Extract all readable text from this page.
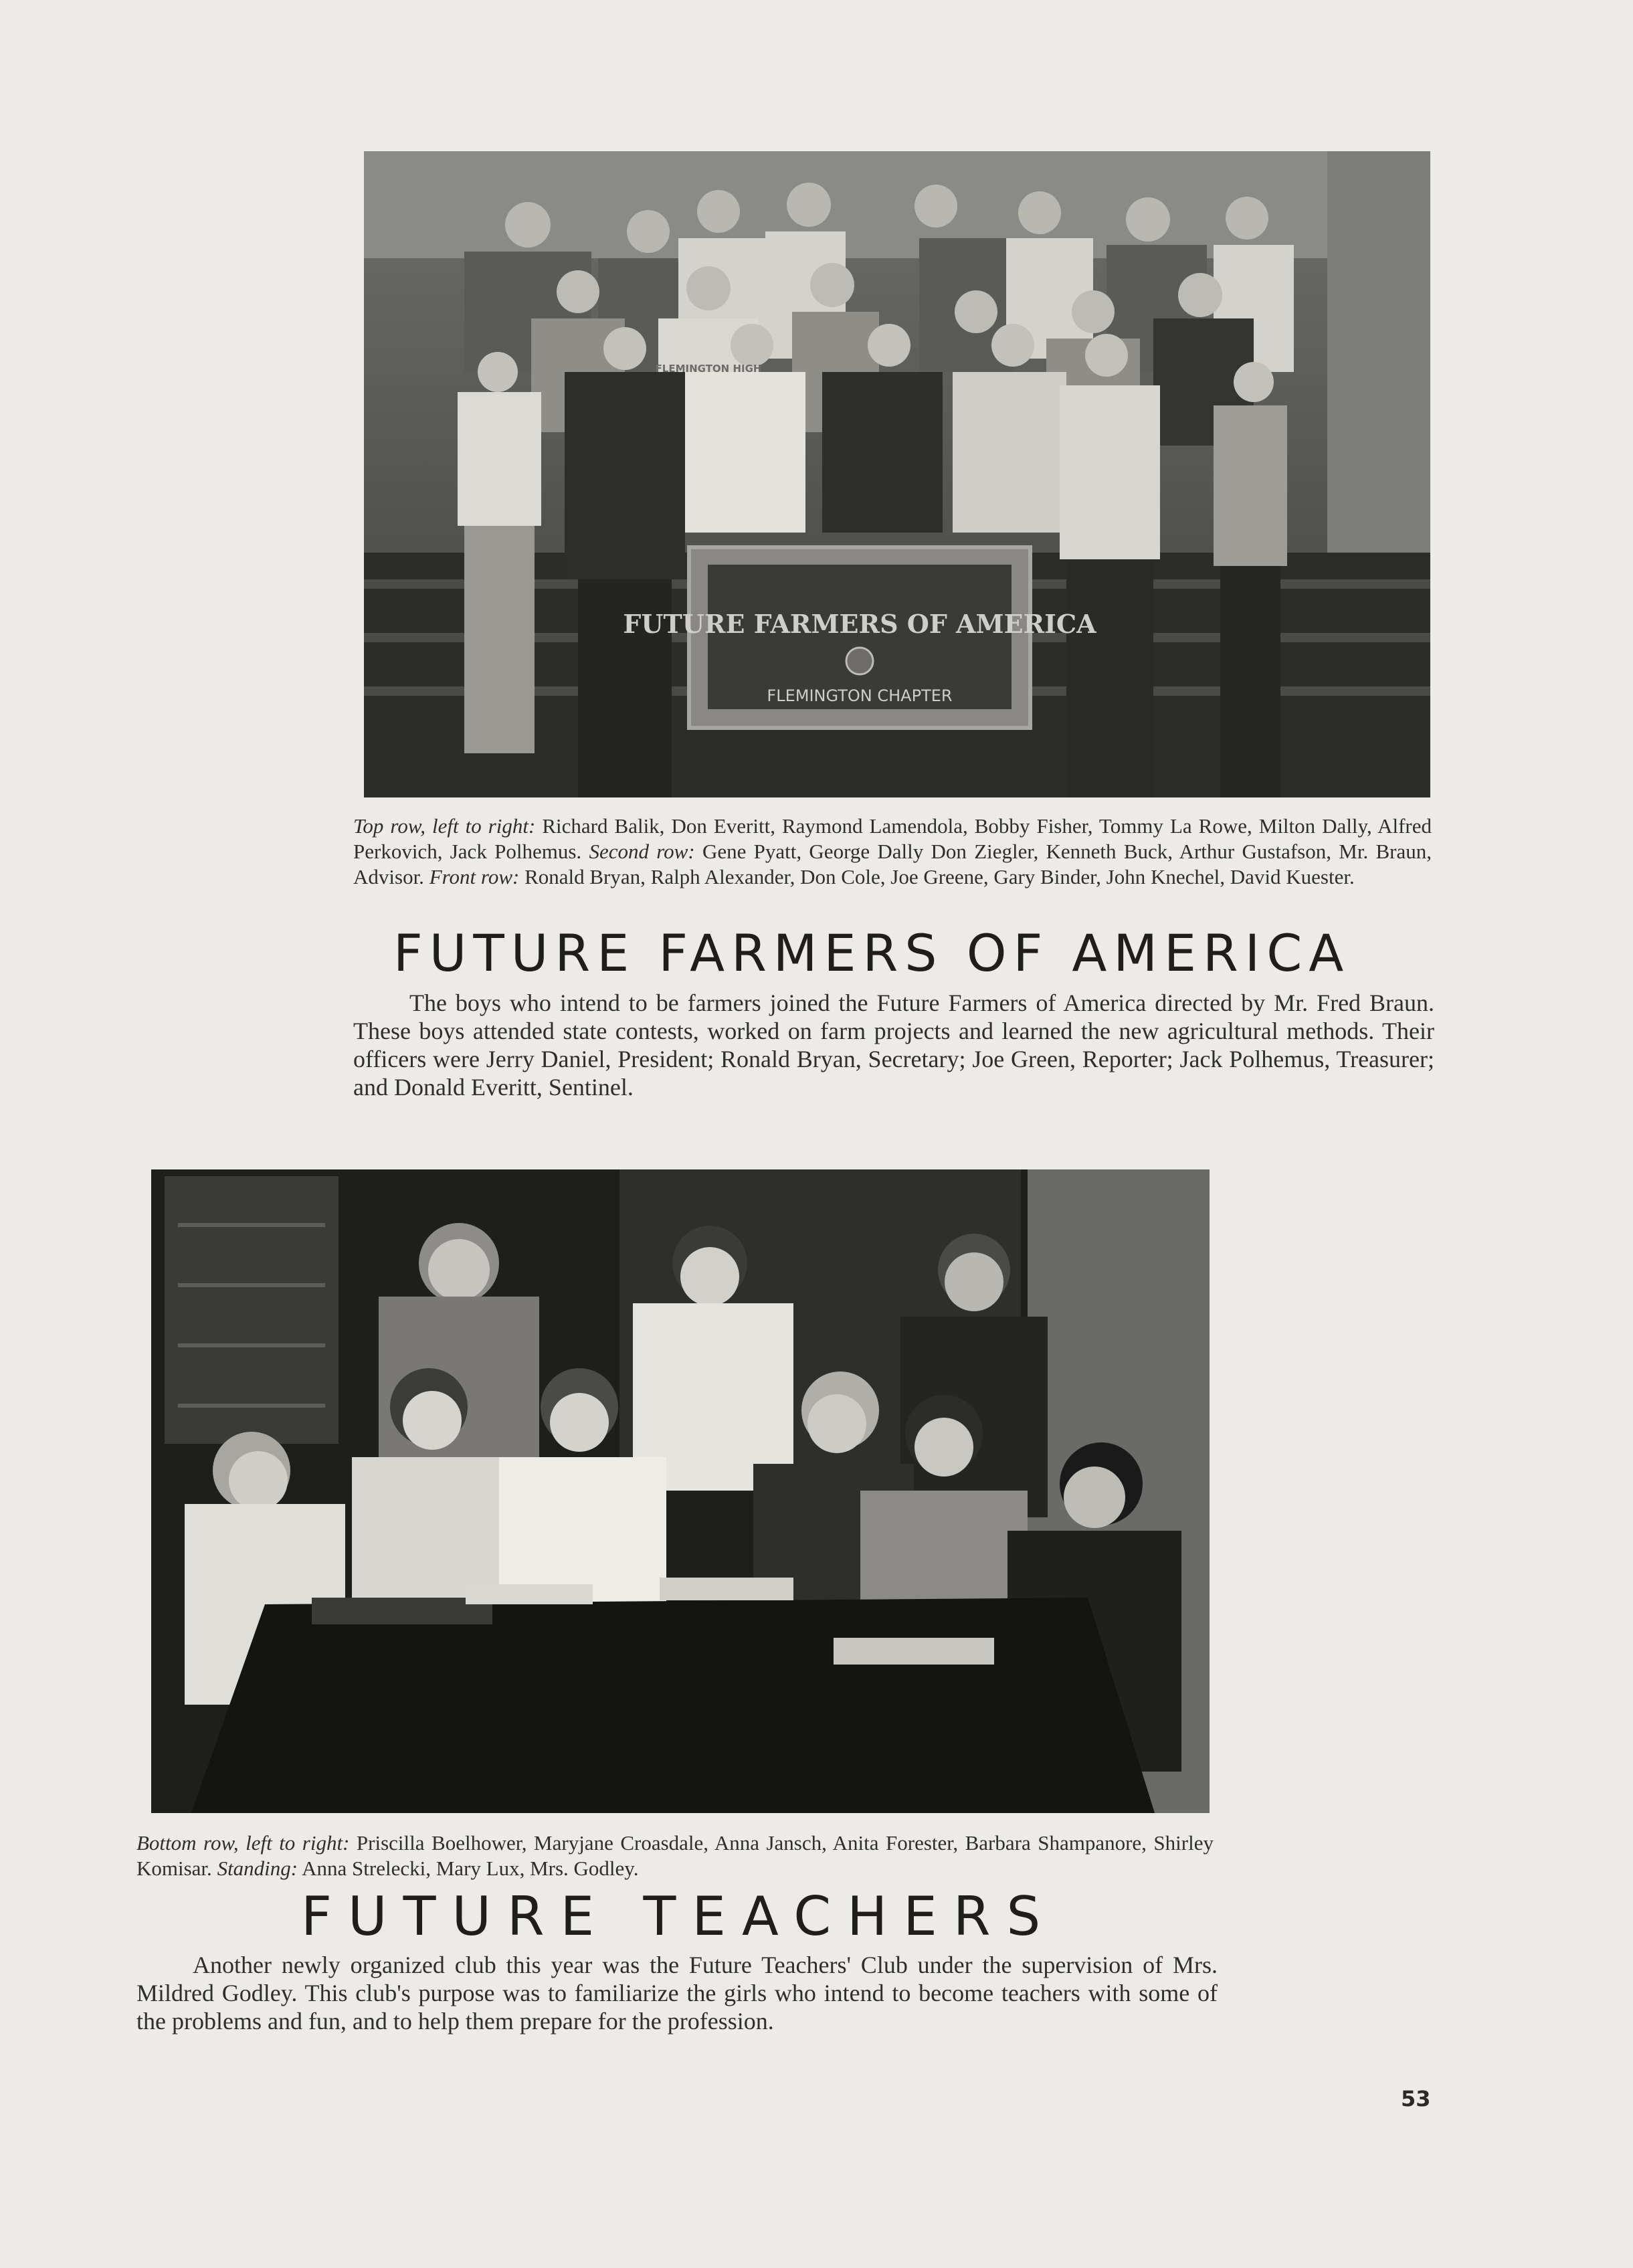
FUTURE FARMERS OF AMERICA
FLEMINGTON CHAPTER
FLEMINGTON HIGH
Top row, left to right: Richard Balik, Don Everitt, Raymond Lamendola, Bobby Fisher, Tommy La Rowe, Milton Dally, Alfred Perkovich, Jack Polhemus. Second row: Gene Pyatt, George Dally Don Ziegler, Kenneth Buck, Arthur Gustafson, Mr. Braun, Advisor. Front row: Ronald Bryan, Ralph Alexander, Don Cole, Joe Greene, Gary Binder, John Knechel, David Kuester.
FUTURE FARMERS OF AMERICA

The boys who intend to be farmers joined the Future Farmers of America directed by Mr. Fred Braun. These boys attended state contests, worked on farm projects and learned the new agricultural methods. Their officers were Jerry Daniel, President; Ronald Bryan, Secretary; Joe Green, Reporter; Jack Polhemus, Treasurer; and Donald Everitt, Sentinel.

Bottom row, left to right: Priscilla Boelhower, Maryjane Croasdale, Anna Jansch, Anita Forester, Barbara Shampanore, Shirley Komisar. Standing: Anna Strelecki, Mary Lux, Mrs. Godley.
FUTURE TEACHERS

Another newly organized club this year was the Future Teachers' Club under the supervision of Mrs. Mildred Godley. This club's purpose was to familiarize the girls who intend to become teachers with some of the problems and fun, and to help them prepare for the profession.

53
